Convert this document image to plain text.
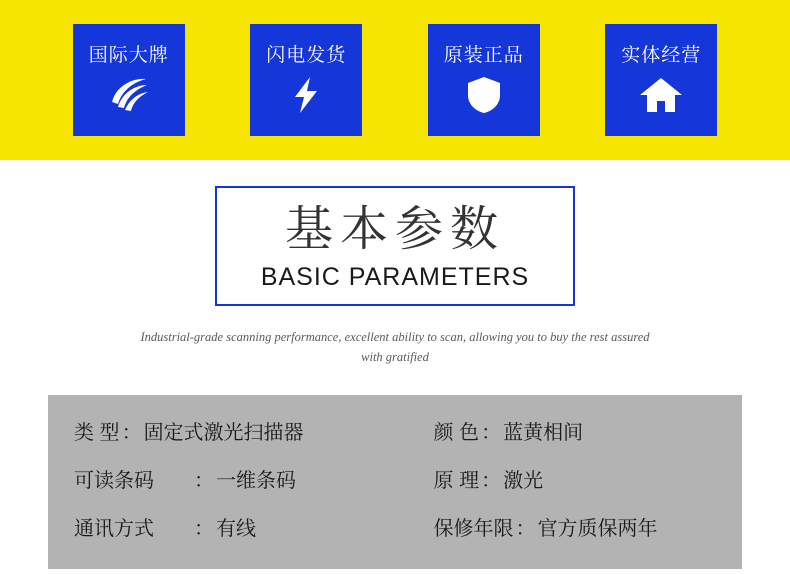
国际大牌	闪电发货	原装正品	实体经营
基本参数
BASIC PARAMETERS
Industrial-grade scanning performance, excellent ability to scan, allowing you to buy the rest assured with gratified
类 型 ： 固定式激光扫描器	颜 色 ： 蓝黄相间
可读条码	： 一维条码	原 理 ： 激光
通讯方式	： 有线	保修年限 ： 官方质保两年
